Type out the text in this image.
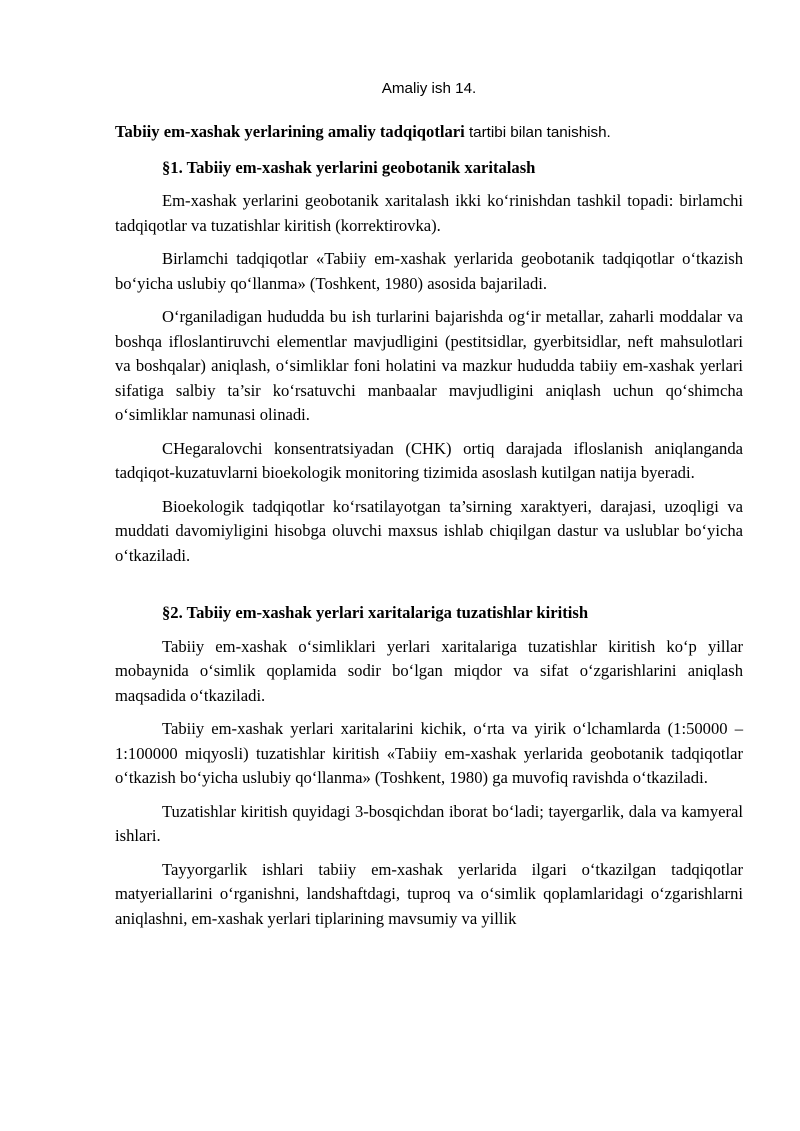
Amaliy ish 14.

Tabiiy em-xashak yerlarining amaliy tadqiqotlari tartibi bilan tanishish.

§1. Tabiiy em-xashak yerlarini geobotanik xaritalash

Em-xashak yerlarini geobotanik xaritalash ikki ko‘rinishdan tashkil topadi: birlamchi tadqiqotlar va tuzatishlar kiritish (korrektirovka).

Birlamchi tadqiqotlar «Tabiiy em-xashak yerlarida geobotanik tadqiqotlar o‘tkazish bo‘yicha uslubiy qo‘llanma» (Toshkent, 1980) asosida bajariladi.

O‘rganiladigan hududda bu ish turlarini bajarishda og‘ir metallar, zaharli moddalar va boshqa ifloslantiruvchi elementlar mavjudligini (pestitsidlar, gyerbitsidlar, neft mahsulotlari va boshqalar) aniqlash, o‘simliklar foni holatini va mazkur hududda tabiiy em-xashak yerlari sifatiga salbiy ta’sir ko‘rsatuvchi manbaalar mavjudligini aniqlash uchun qo‘shimcha o‘simliklar namunasi olinadi.

CHegaralovchi konsentratsiyadan (CHK) ortiq darajada ifloslanish aniqlanganda tadqiqot-kuzatuvlarni bioekologik monitoring tizimida asoslash kutilgan natija byeradi.

Bioekologik tadqiqotlar ko‘rsatilayotgan ta’sirning xaraktyeri, darajasi, uzoqligi va muddati davomiyligini hisobga oluvchi maxsus ishlab chiqilgan dastur va uslublar bo‘yicha o‘tkaziladi.

§2. Tabiiy em-xashak yerlari xaritalariga tuzatishlar kiritish

Tabiiy em-xashak o‘simliklari yerlari xaritalariga tuzatishlar kiritish ko‘p yillar mobaynida o‘simlik qoplamida sodir bo‘lgan miqdor va sifat o‘zgarishlarini aniqlash maqsadida o‘tkaziladi.

Tabiiy em-xashak yerlari xaritalarini kichik, o‘rta va yirik o‘lchamlarda (1:50000 – 1:100000 miqyosli) tuzatishlar kiritish «Tabiiy em-xashak yerlarida geobotanik tadqiqotlar o‘tkazish bo‘yicha uslubiy qo‘llanma» (Toshkent, 1980) ga muvofiq ravishda o‘tkaziladi.

Tuzatishlar kiritish quyidagi 3-bosqichdan iborat bo‘ladi; tayergarlik, dala va kamyeral ishlari.

Tayyorgarlik ishlari tabiiy em-xashak yerlarida ilgari o‘tkazilgan tadqiqotlar matyeriallarini o‘rganishni, landshaftdagi, tuproq va o‘simlik qoplamlaridagi o‘zgarishlarni aniqlashni, em-xashak yerlari tiplarining mavsumiy va yillik
